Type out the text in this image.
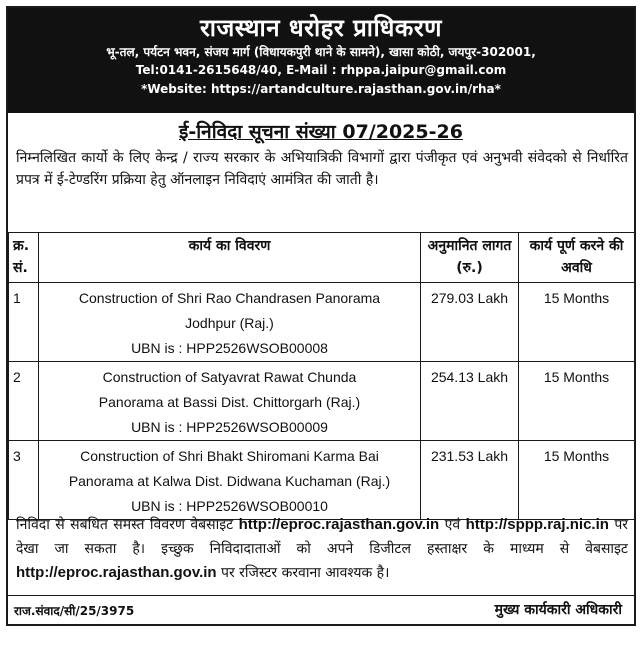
राजस्थान धरोहर प्राधिकरण
भू-तल, पर्यटन भवन, संजय मार्ग (विधायकपुरी थाने के सामने), खासा कोठी, जयपुर-302001,
Tel:0141-2615648/40, E-Mail : rhppa.jaipur@gmail.com
*Website: https://artandculture.rajasthan.gov.in/rha*
ई-निविदा सूचना संख्या 07/2025-26
निम्नलिखित कार्यो के लिए केन्द्र / राज्य सरकार के अभियात्रिकी विभागों द्वारा पंजीकृत एवं अनुभवी संवेदको से निर्धारित प्रपत्र में ई-टेण्डरिंग प्रक्रिया हेतु ऑनलाइन निविदाएं आमंत्रित की जाती है।
क्र. सं.	कार्य का विवरण	अनुमानित लागत (रु.)	कार्य पूर्ण करने की अवधि
1	Construction of Shri Rao Chandrasen Panorama
Jodhpur (Raj.)
UBN is : HPP2526WSOB00008	279.03 Lakh	15 Months
2	Construction of Satyavrat Rawat Chunda
Panorama at Bassi Dist. Chittorgarh (Raj.)
UBN is : HPP2526WSOB00009	254.13 Lakh	15 Months
3	Construction of Shri Bhakt Shiromani Karma Bai
Panorama at Kalwa Dist. Didwana Kuchaman (Raj.)
UBN is : HPP2526WSOB00010	231.53 Lakh	15 Months
निविदा से सबधित समस्त विवरण वेबसाइट http://eproc.rajasthan.gov.in एवं http://sppp.raj.nic.in पर देखा जा सकता है। इच्छुक निविदादाताओं को अपने डिजीटल हस्ताक्षर के माध्यम से वेबसाइट http://eproc.rajasthan.gov.in पर रजिस्टर करवाना आवश्यक है।
राज.संवाद/सी/25/3975	मुख्य कार्यकारी अधिकारी
